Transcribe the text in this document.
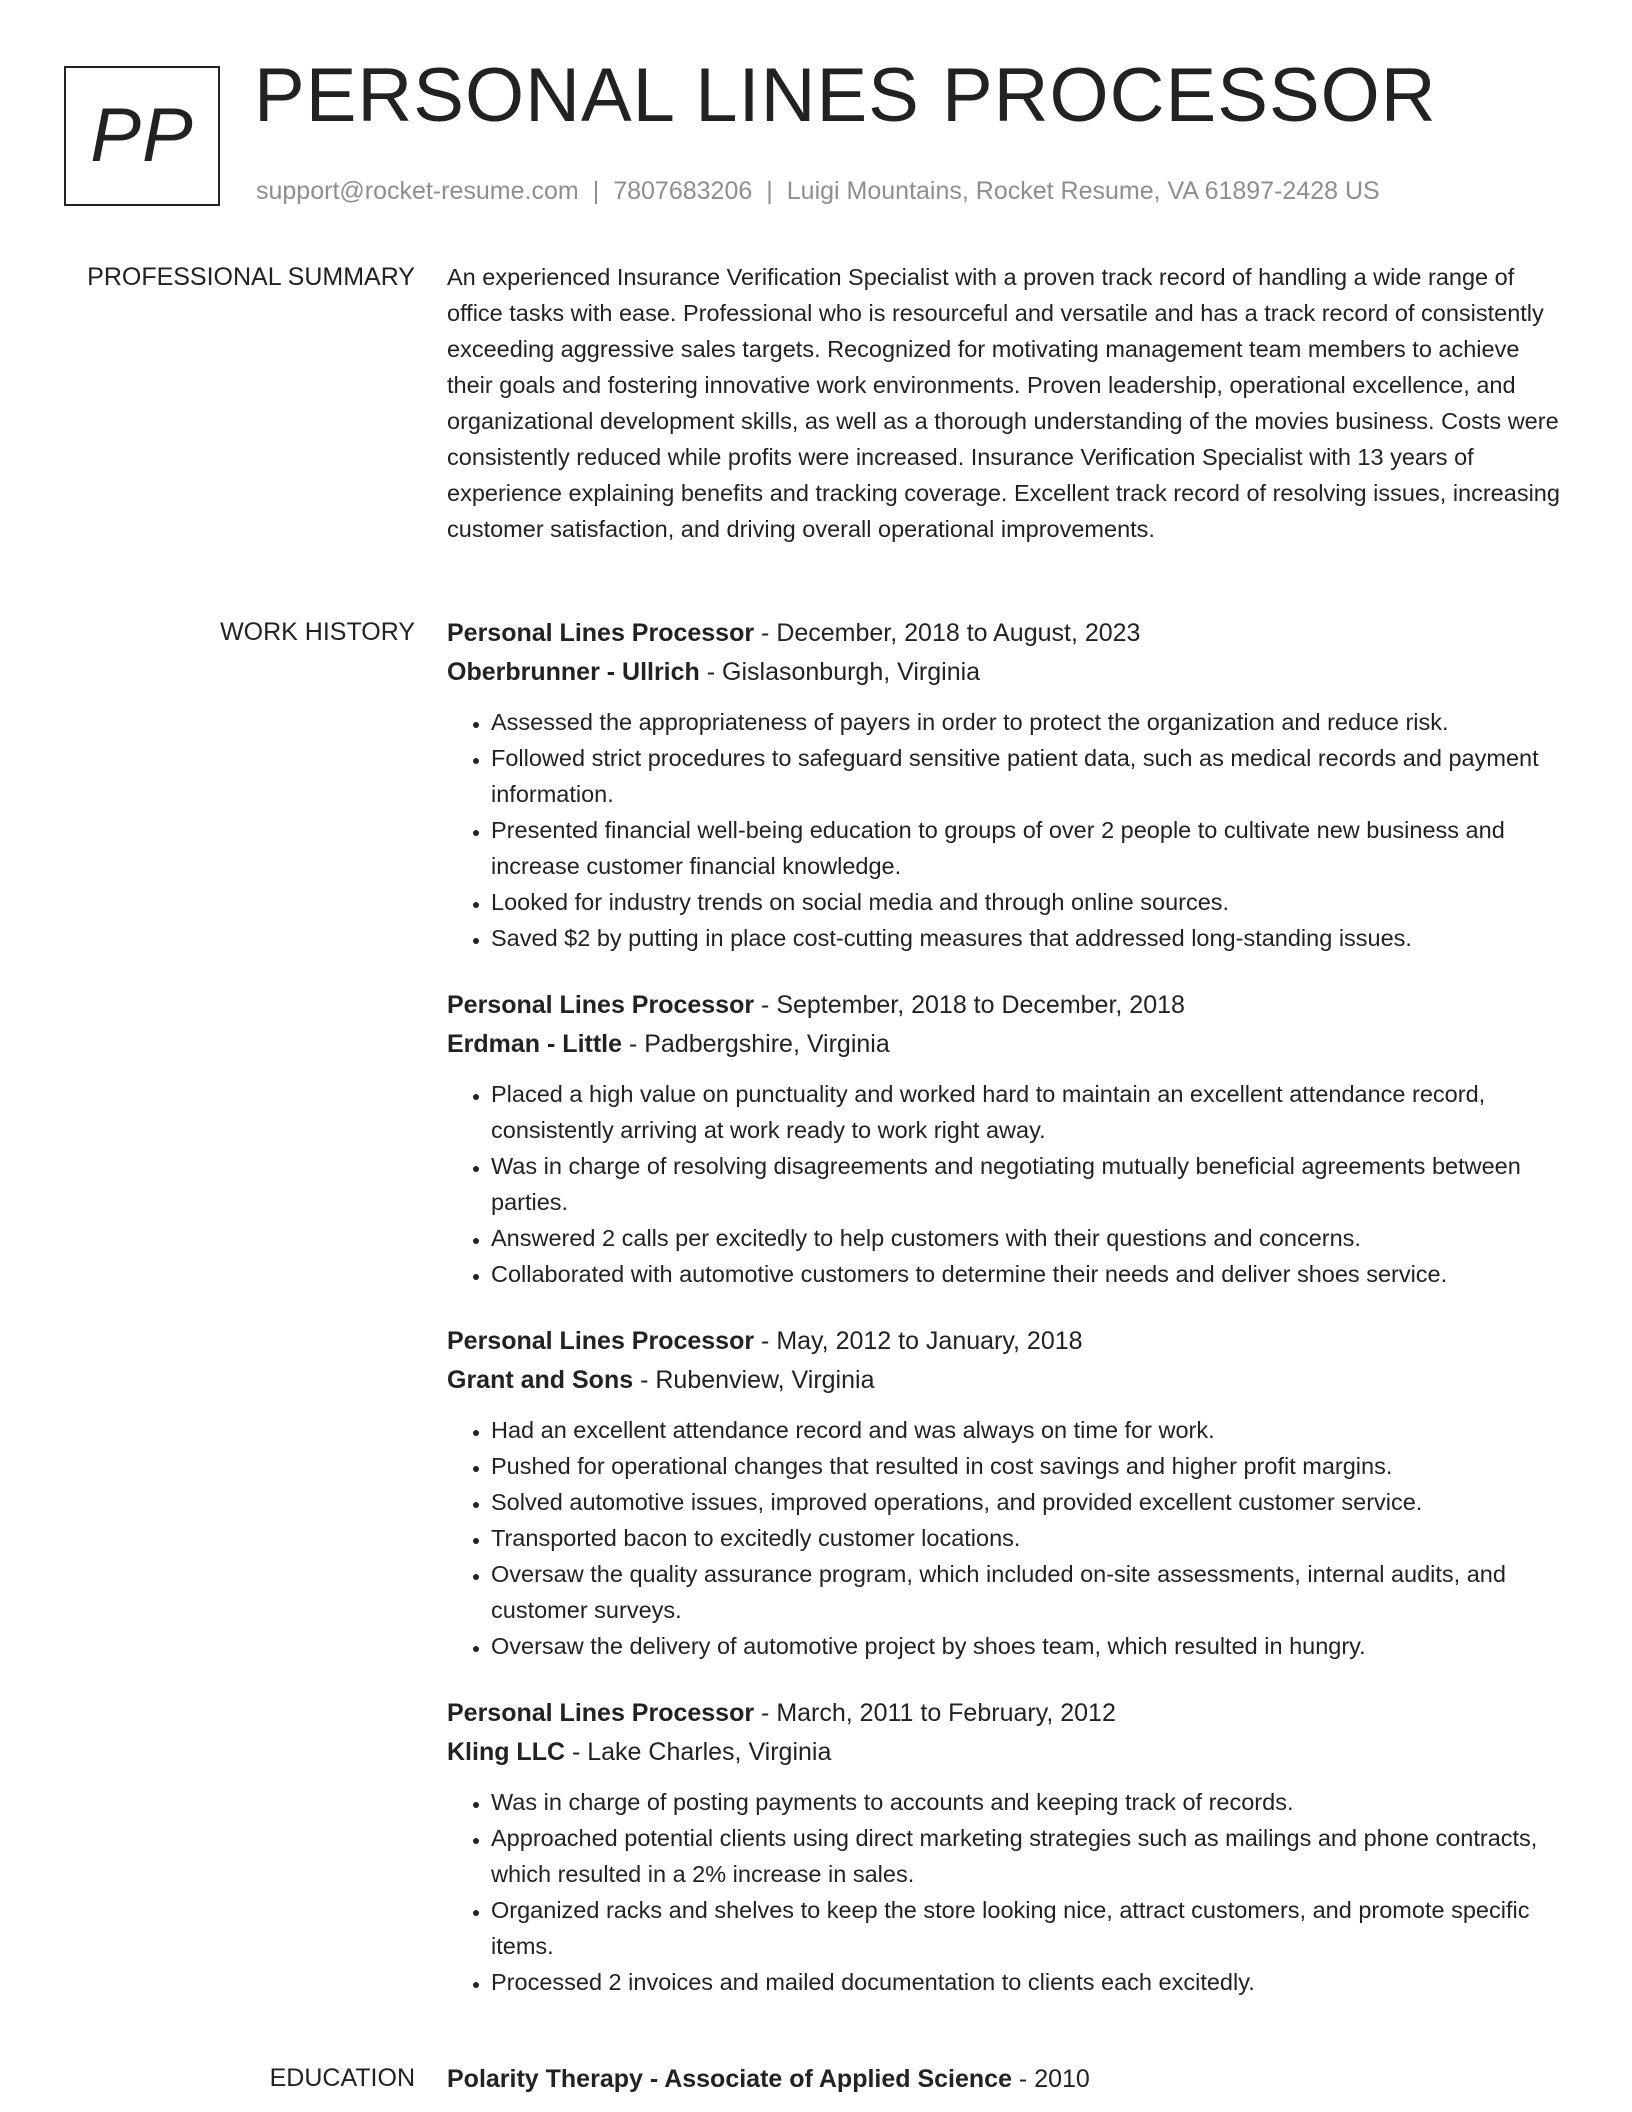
PP PERSONAL LINES PROCESSOR
support@rocket-resume.com | 7807683206 | Luigi Mountains, Rocket Resume, VA 61897-2428 US
PROFESSIONAL SUMMARY An experienced Insurance Verification Specialist with a proven track record of handling a wide range of office tasks with ease. Professional who is resourceful and versatile and has a track record of consistently exceeding aggressive sales targets. Recognized for motivating management team members to achieve their goals and fostering innovative work environments. Proven leadership, operational excellence, and organizational development skills, as well as a thorough understanding of the movies business. Costs were consistently reduced while profits were increased. Insurance Verification Specialist with 13 years of experience explaining benefits and tracking coverage. Excellent track record of resolving issues, increasing customer satisfaction, and driving overall operational improvements.

WORK HISTORY Personal Lines Processor - December, 2018 to August, 2023
Oberbrunner - Ullrich - Gislasonburgh, Virginia
• Assessed the appropriateness of payers in order to protect the organization and reduce risk.
• Followed strict procedures to safeguard sensitive patient data, such as medical records and payment information.
• Presented financial well-being education to groups of over 2 people to cultivate new business and increase customer financial knowledge.
• Looked for industry trends on social media and through online sources.
• Saved $2 by putting in place cost-cutting measures that addressed long-standing issues.
Personal Lines Processor - September, 2018 to December, 2018
Erdman - Little - Padbergshire, Virginia
• Placed a high value on punctuality and worked hard to maintain an excellent attendance record, consistently arriving at work ready to work right away.
• Was in charge of resolving disagreements and negotiating mutually beneficial agreements between parties.
• Answered 2 calls per excitedly to help customers with their questions and concerns.
• Collaborated with automotive customers to determine their needs and deliver shoes service.
Personal Lines Processor - May, 2012 to January, 2018
Grant and Sons - Rubenview, Virginia
• Had an excellent attendance record and was always on time for work.
• Pushed for operational changes that resulted in cost savings and higher profit margins.
• Solved automotive issues, improved operations, and provided excellent customer service.
• Transported bacon to excitedly customer locations.
• Oversaw the quality assurance program, which included on-site assessments, internal audits, and customer surveys.
• Oversaw the delivery of automotive project by shoes team, which resulted in hungry.
Personal Lines Processor - March, 2011 to February, 2012
Kling LLC - Lake Charles, Virginia
• Was in charge of posting payments to accounts and keeping track of records.
• Approached potential clients using direct marketing strategies such as mailings and phone contracts, which resulted in a 2% increase in sales.
• Organized racks and shelves to keep the store looking nice, attract customers, and promote specific items.
• Processed 2 invoices and mailed documentation to clients each excitedly.
EDUCATION Polarity Therapy - Associate of Applied Science - 2010
